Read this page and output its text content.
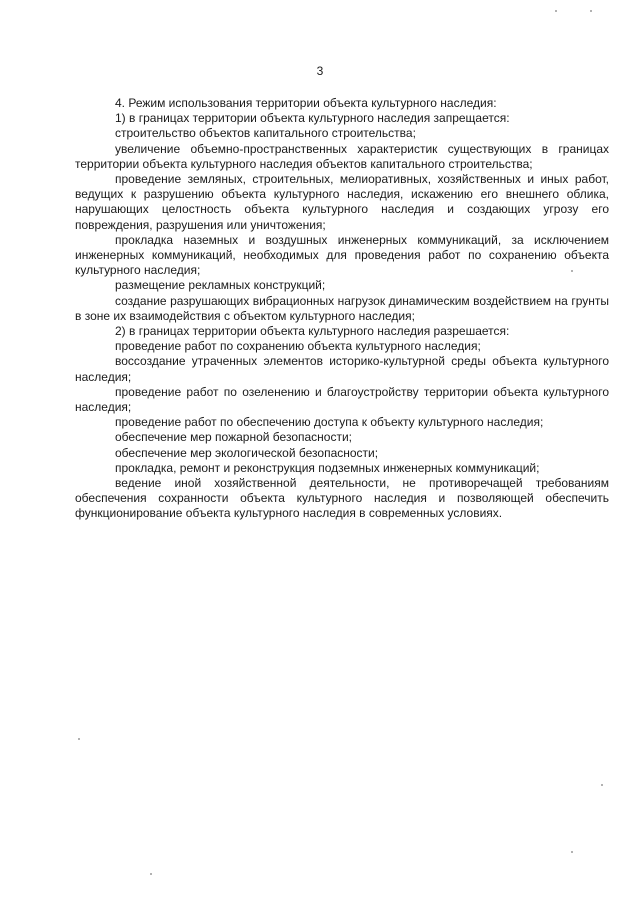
3

4. Режим использования территории объекта культурного наследия:

1) в границах территории объекта культурного наследия запрещается:

строительство объектов капитального строительства;

увеличение объемно-пространственных характеристик существующих в границах территории объекта культурного наследия объектов капитального строительства;

проведение земляных, строительных, мелиоративных, хозяйственных и иных работ, ведущих к разрушению объекта культурного наследия, искажению его внешнего облика, нарушающих целостность объекта культурного наследия и создающих угрозу его повреждения, разрушения или уничтожения;

прокладка наземных и воздушных инженерных коммуникаций, за исключением инженерных коммуникаций, необходимых для проведения работ по сохранению объекта культурного наследия;

размещение рекламных конструкций;

создание разрушающих вибрационных нагрузок динамическим воздействием на грунты в зоне их взаимодействия с объектом культурного наследия;

2) в границах территории объекта культурного наследия разрешается:

проведение работ по сохранению объекта культурного наследия;

воссоздание утраченных элементов историко-культурной среды объекта культурного наследия;

проведение работ по озеленению и благоустройству территории объекта культурного наследия;

проведение работ по обеспечению доступа к объекту культурного наследия;

обеспечение мер пожарной безопасности;

обеспечение мер экологической безопасности;

прокладка, ремонт и реконструкция подземных инженерных коммуникаций;

ведение иной хозяйственной деятельности, не противоречащей требованиям обеспечения сохранности объекта культурного наследия и позволяющей обеспечить функционирование объекта культурного наследия в современных условиях.
